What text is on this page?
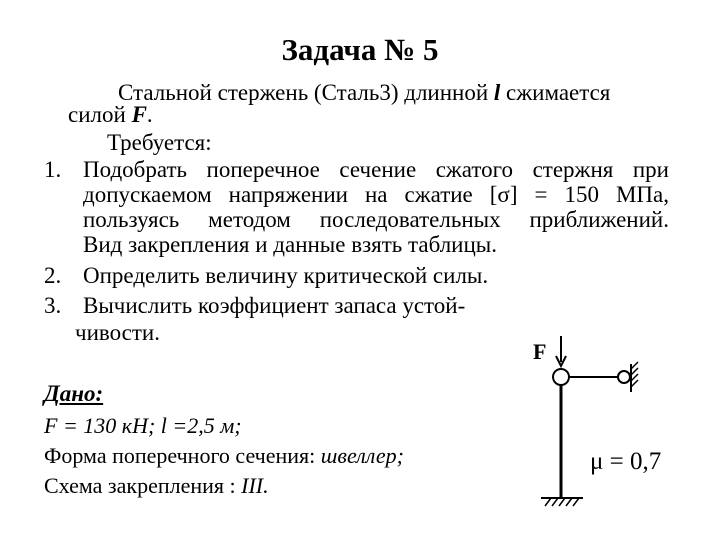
Задача № 5
Стальной стержень (Сталь3) длинной l сжимается
силой F.
Требуется:
1. Подобрать поперечное сечение сжатого стержня при
допускаемом напряжении на сжатие [σ] = 150 МПа,
пользуясь методом последовательных приближений.
Вид закрепления и данные взять таблицы.
2. Определить величину критической силы.
3. Вычислить коэффициент запаса устой-
чивости.
Дано:
F = 130 кН; l =2,5 м;
Форма поперечного сечения: швеллер;
Схема закрепления : III.
F
μ = 0,7
